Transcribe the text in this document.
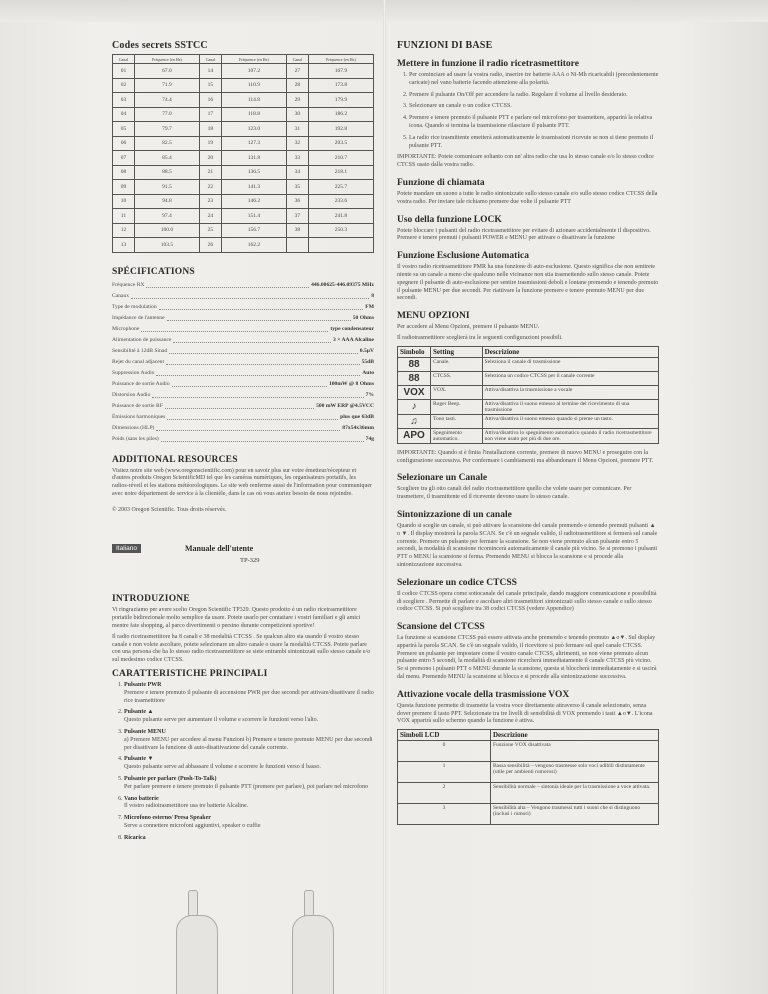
Codes secrets SSTCC
Canal	Fréquence (en Hz)	Canal	Fréquence (en Hz)	Canal	Fréquence (en Hz)
01	67.0	14	107.2	27	167.9
02	71.9	15	110.9	28	173.8
03	74.4	16	114.8	29	179.9
04	77.0	17	118.8	30	186.2
05	79.7	18	123.0	31	192.8
06	82.5	19	127.3	32	203.5
07	85.4	20	131.8	33	210.7
08	88.5	21	136.5	34	218.1
09	91.5	22	141.3	35	225.7
10	94.8	23	146.2	36	233.6
11	97.4	24	151.4	37	241.8
12	100.0	25	156.7	38	250.3
13	103.5	26	162.2		
SPÉCIFICATIONS
Fréquence RX	446.00625-446.09375 MHz
Canaux	8
Type de modulation	FM
Impédance de l'antenne	50 Ohms
Microphone	type condensateur
Alimentation de puissance	3 × AAA Alcaline
Sensibilité à 12dB Sinad	0.5μV
Rejet du canal adjacent	55dB
Suppression Audio	Auto
Puissance de sortie Audio	100mW @ 8 Ohms
Distorsion Audio	7%
Puissance de sortie RF	500 mW ERP @4.5VCC
Émissions harmoniques	plus que 63dB
Dimensions (HLP)	87x54x36mm
Poids (sans les piles)	74g
ADDITIONAL RESOURCES

Visitez notre site web (www.oregonscientific.com) pour en savoir plus sur votre émetteur/récepteur et d'autres produits Oregon ScientificMD tel que les caméras numériques, les organisateurs portatifs, les radios-réveil et les stations météorologiques. Le site web renferme aussi de l'information pour communiquer avec notre département de service à la clientèle, dans le cas où vous auriez besoin de nous rejoindre.

© 2003 Oregon Scientific. Tous droits réservés.

Italiano	Manuale dell'utente
TP-329
INTRODUZIONE

Vi ringraziamo per avere scelto Oregon Scientific TP329. Questo prodotto è un radio ricetrasmettitore portatile bidirezionale molto semplice da usare. Potete usarlo per contattare i vostri familiari e gli amici mentre fate shopping, al parco divertimenti o persino durante competizioni sportive!

Il radio ricetrasmettitore ha 8 canali e 38 modalità CTCSS . Se qualcun altro sta usando il vostro stesso canale e non volete ascoltare, potete selezionare un altro canale o usare la modalità CTCSS. Potete parlare con una persona che ha lo stesso radio ricetrasmettitore se siete entrambi sintonizzati sullo stesso canale e/o sul medesimo codice CTCSS.

CARATTERISTICHE PRINCIPALI
1. Pulsante PWR
Premere e tenere premuto il pulsante di accensione PWR per due secondi per attivare/disattivare il radio rice trasmettitore
2. Pulsante ▲
Questo pulsante serve per aumentare il volume e scorrere le funzioni verso l'alto.
3. Pulsante MENU
a) Premere MENU per accedere al menu Funzioni b) Premere e tenere premuto MENU per due secondi per disattivare la funzione di auto-disattivazione del canale corrente.
4. Pulsante ▼
Questo pulsante serve ad abbassare il volume e scorrere le funzioni verso il basso.
5. Pulsante per parlare (Push-To-Talk)
Per parlare premere e tenere premuto il pulsante PTT (premere per parlare), poi parlare nel microfono
6. Vano batterie
Il vostro radiotrasmettitore usa tre batterie Alcaline.
7. Microfono esterno/ Presa Speaker
Serve a connettere microfoni aggiuntivi, speaker o cuffie
8. Ricarica
FUNZIONI DI BASE
Mettere in funzione il radio ricetrasmettitore
1. Per cominciare ad usare la vostra radio, inserire tre batterie AAA o Ni-Mh ricaricabili (precedentemente caricate) nel vano batterie facendo attenzione alla polarità.
2. Premere il pulsante On/Off per accendere la radio. Regolare il volume al livello desiderato.
3. Selezionare un canale o un codice CTCSS.
4. Premere e tenere premuto il pulsante PTT e parlare nel microfono per trasmettere, apparirà la relativa icona. Quando si termina la trasmissione rilasciare il pulsante PTT.
5. La radio rice trasmittente emetterà automaticamente le trasmissioni ricevute se non si tiene premuto il pulsante PTT.

IMPORTANTE: Potete comunicare soltanto con un' altra radio che usa lo stesso canale e/o lo stesso codice CTCSS usato dalla vostra radio.

Funzione di chiamata

Potete mandare un suono a tutte le radio sintonizzate sullo stesso canale e/o sullo stesso codice CTCSS della vostra radio. Per inviare tale richiamo premere due volte il pulsante PTT

Uso della funzione LOCK

Potete bloccare i pulsanti del radio ricetrasmettitore per evitare di azionare accidentalmente il dispositivo. Premere e tenere premuti i pulsanti POWER e MENU per attivare o disattivare la funzione

Funzione Esclusione Automatica

Il vostro radio ricetrasmettitore PMR ha una funzione di auto-esclusione. Questo significa che non sentirete niente su un canale a meno che qualcuno nelle vicinanze non stia trasmettendo sullo stesso canale. Potete spegnere il pulsante di auto-esclusione per sentire trasmissioni deboli e lontane premendo e tenendo premuto il pulsante MENU per due secondi. Per riattivare la funzione premere e tenere premuto MENU per due secondi.

MENU OPZIONI

Per accedere al Menu Opzioni, premere il pulsante MENU.

Il radiotrasmettitore sceglierà tra le seguenti configurazioni possibili.

Simbolo	Setting	Descrizione
88	Canale.	Seleziona il canale di trasmissione
88	CTCSS.	Seleziona un codice CTCSS per il canale corrente
VOX	VOX.	Attiva/disattiva la trasmissione a vocale
♪	Roger Beep.	Attiva/disattiva il suono emesso al termine del ricevimento di una trasmissione
♫	Tono tasti.	Attiva/disattiva il suono emesso quando si preme un tasto.
APO	Spegnimento automatico.	Attiva/disattiva lo spegnimento automatico quando il radio ricetrasmettitore non viene usato per più di due ore.

IMPORTANTE: Quando si è finita l'installazione corrente, premere di nuovo MENU e proseguire con la configurazione successiva. Per confermare i cambiamenti ma abbandonare il Menu Opzioni, premere PTT.

Selezionare un Canale

Scegliere tra gli otto canali del radio ricetrasmettitore quello che volete usare per comunicare. Per trasmettere, il trasmittente ed il ricevente devono usare lo stesso canale.

Sintonizzazione di un canale

Quando si sceglie un canale, si può attivare la scansione del canale premendo e tenendo premuti pulsanti ▲ o ▼. Il display mostrerà la parola SCAN. Se c'è un segnale valido, il radiotrasmettitore si fermerà sul canale corrente. Premere un pulsante per fermare la scansione. Se non viene premuto alcun pulsante entro 5 secondi, la modalità di scansione ricomincerà automaticamente il canale più vicino. Se si premono i pulsanti PTT o MENU la scansione si ferma. Premendo MENU si blocca la scansione e si procede alla sintonizzazione successiva.

Selezionare un codice CTCSS

Il codice CTCSS opera come sottocanale del canale principale, dando maggiore comunicazione e possibilità di scegliere . Permette di parlare e ascoltare altri trasmettitori sintonizzati sullo stesso canale e sullo stesso codice CTCSS. Si può scegliere tra 38 codici CTCSS (vedere Appendice)

Scansione del CTCSS

La funzione si scansione CTCSS può essere attivata anche premendo e tenendo premuto ▲o▼. Sul display apparirà la parola SCAN. Se c'è un segnale valido, il ricevitore si può fermare sul quel canale CTCSS. Premere un pulsante per impostare come il vostro canale CTCSS, altrimenti, se non viene premuto alcun pulsante entro 5 secondi, la modalità di scansione ricercherà immediatamente il canale CTCSS più vicino. Se si premono i pulsanti PTT o MENU durante la scansione, questa si bloccherà immediatamente e si uscirà dal menu. Premendo MENU la scansione si blocca e si procede alla sintonizzazione successiva.

Attivazione vocale della trasmissione VOX

Questa funzione permette di trasmette la vostra voce direttamente attraverso il canale selezionato, senza dover premere il tasto PPT. Selezionate tra tre livelli di sensibilità di VOX premendo i tasti ▲o▼. L'icona VOX apparirà sullo schermo quando la funzione è attiva.

Simboli LCD	Descrizione
0	Funzione VOX disattivata
1	Bassa sensibilità – vengono trasmesse solo voci udibili distintamente (utile per ambienti rumorosi)
2	Sensibilità normale – sintonia ideale per la trasmissione a voce attivata.
3	Sensibilità alta – Vengono trasmessi tutti i suoni che si distinguono (inclusi i rumori)
